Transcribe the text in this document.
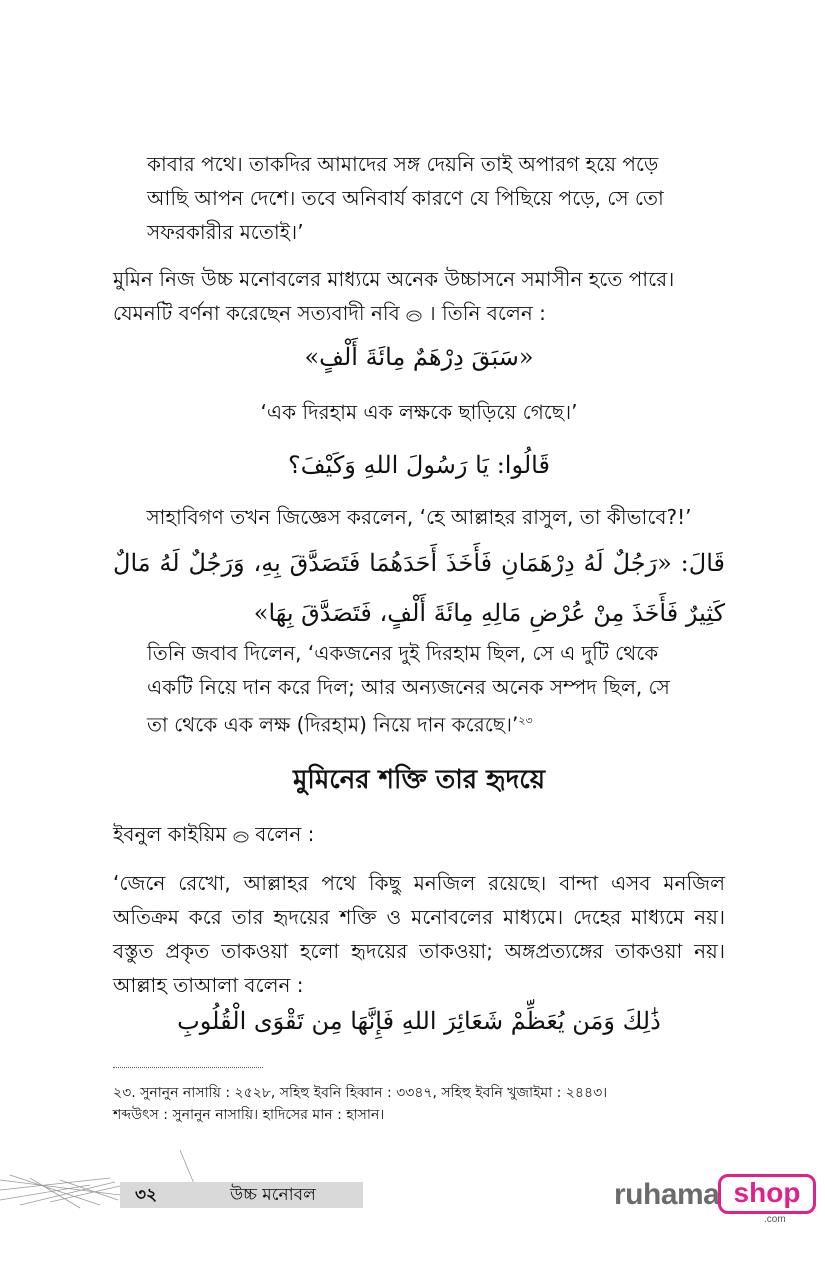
কাবার পথে। তাকদির আমাদের সঙ্গ দেয়নি তাই অপারগ হয়ে পড়ে
আছি আপন দেশে। তবে অনিবার্য কারণে যে পিছিয়ে পড়ে, সে তো
সফরকারীর মতোই।’
মুমিন নিজ উচ্চ মনোবলের মাধ্যমে অনেক উচ্চাসনে সমাসীন হতে পারে।
যেমনটি বর্ণনা করেছেন সত্যবাদী নবি । তিনি বলেন :
«سَبَقَ دِرْهَمٌ مِائَةَ أَلْفٍ»
‘এক দিরহাম এক লক্ষকে ছাড়িয়ে গেছে।’
قَالُوا: يَا رَسُولَ اللهِ وَكَيْفَ؟
সাহাবিগণ তখন জিজ্ঞেস করলেন, ‘হে আল্লাহর রাসুল, তা কীভাবে?!’
قَالَ: «رَجُلٌ لَهُ دِرْهَمَانِ فَأَخَذَ أَحَدَهُمَا فَتَصَدَّقَ بِهِ، وَرَجُلٌ لَهُ مَالٌ كَثِيرٌ فَأَخَذَ مِنْ عُرْضِ مَالِهِ مِائَةَ أَلْفٍ، فَتَصَدَّقَ بِهَا»
তিনি জবাব দিলেন, ‘একজনের দুই দিরহাম ছিল, সে এ দুটি থেকে
একটি নিয়ে দান করে দিল; আর অন্যজনের অনেক সম্পদ ছিল, সে
তা থেকে এক লক্ষ (দিরহাম) নিয়ে দান করেছে।’$^{২৩}$
মুমিনের শক্তি তার হৃদয়ে
ইবনুল কাইয়িম বলেন :

‘জেনে রেখো, আল্লাহর পথে কিছু মনজিল রয়েছে। বান্দা এসব মনজিল অতিক্রম করে তার হৃদয়ের শক্তি ও মনোবলের মাধ্যমে। দেহের মাধ্যমে নয়। বস্তুত প্রকৃত তাকওয়া হলো হৃদয়ের তাকওয়া; অঙ্গপ্রত্যঙ্গের তাকওয়া নয়। আল্লাহ তাআলা বলেন :

ذَٰلِكَ وَمَن يُعَظِّمْ شَعَائِرَ اللهِ فَإِنَّهَا مِن تَقْوَى الْقُلُوبِ
২৩. সুনানুন নাসায়ি : ২৫২৮, সহিহু ইবনি হিব্বান : ৩৩৪৭, সহিহু ইবনি খুজাইমা : ২৪৪৩।
শব্দউৎস : সুনানুন নাসায়ি। হাদিসের মান : হাসান।
৩২	উচ্চ মনোবল	ruhama shop
.com
